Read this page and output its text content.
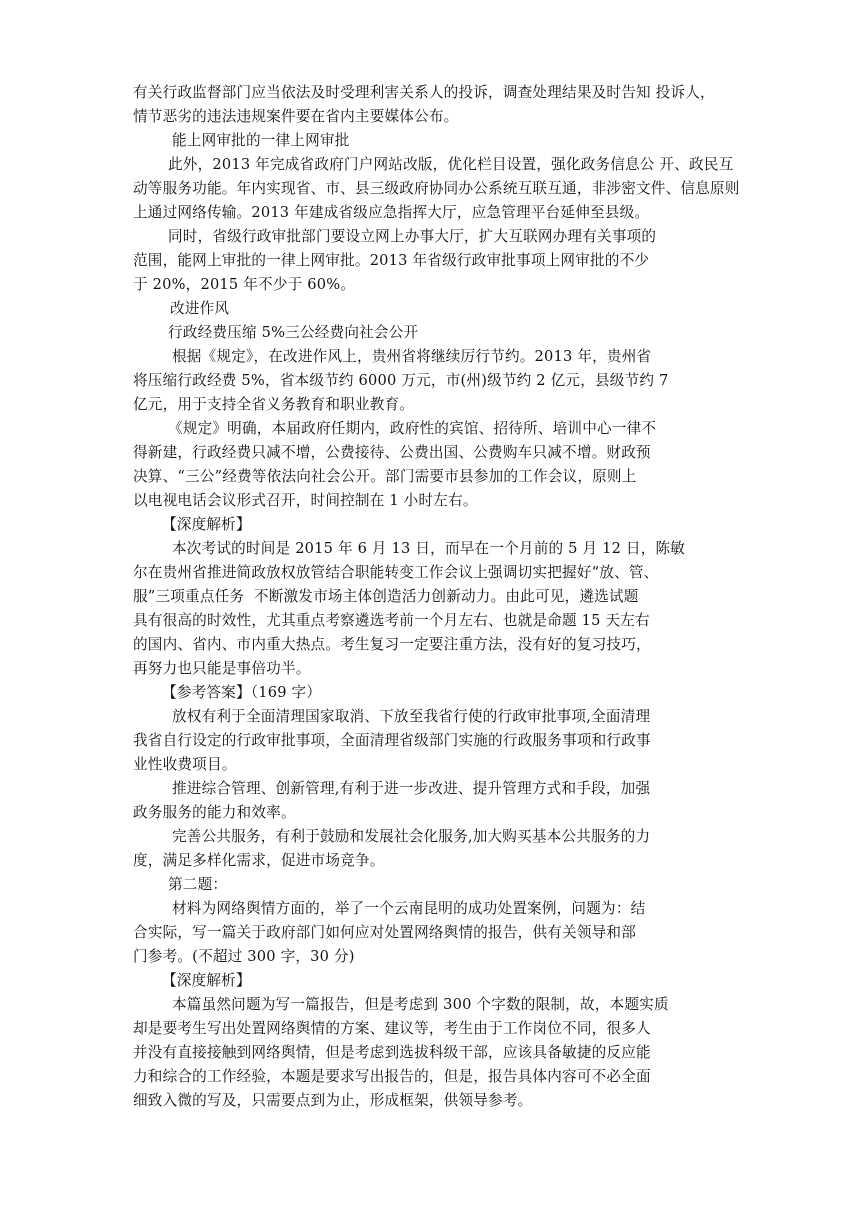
有关行政监督部门应当依法及时受理利害关系人的投诉，调查处理结果及时告知 投诉人，
情节恶劣的违法违规案件要在省内主要媒体公布。
能上网审批的一律上网审批
此外，2013 年完成省政府门户网站改版，优化栏目设置，强化政务信息公 开、政民互
动等服务功能。年内实现省、市、县三级政府协同办公系统互联互通，非涉密文件、信息原则
上通过网络传输。2013 年建成省级应急指挥大厅，应急管理平台延伸至县级。
同时，省级行政审批部门要设立网上办事大厅，扩大互联网办理有关事项的
范围，能网上审批的一律上网审批。2013 年省级行政审批事项上网审批的不少
于 20%，2015 年不少于 60%。
改进作风
行政经费压缩 5%三公经费向社会公开
根据《规定》，在改进作风上，贵州省将继续厉行节约。2013 年，贵州省
将压缩行政经费 5%，省本级节约 6000 万元，市(州)级节约 2 亿元，县级节约 7
亿元，用于支持全省义务教育和职业教育。
《规定》明确，本届政府任期内，政府性的宾馆、招待所、培训中心一律不
得新建，行政经费只减不增，公费接待、公费出国、公费购车只减不增。财政预
决算、“三公”经费等依法向社会公开。部门需要市县参加的工作会议，原则上
以电视电话会议形式召开，时间控制在 1 小时左右。
【深度解析】
本次考试的时间是 2015 年 6 月 13 日，而早在一个月前的 5 月 12 日，陈敏
尔在贵州省推进简政放权放管结合职能转变工作会议上强调切实把握好“放、管、
服”三项重点任务  不断激发市场主体创造活力创新动力。由此可见，遴选试题
具有很高的时效性，尤其重点考察遴选考前一个月左右、也就是命题 15 天左右
的国内、省内、市内重大热点。考生复习一定要注重方法，没有好的复习技巧，
再努力也只能是事倍功半。
【参考答案】（169 字）
放权有利于全面清理国家取消、下放至我省行使的行政审批事项,全面清理
我省自行设定的行政审批事项，全面清理省级部门实施的行政服务事项和行政事
业性收费项目。
推进综合管理、创新管理,有利于进一步改进、提升管理方式和手段，加强
政务服务的能力和效率。
完善公共服务，有利于鼓励和发展社会化服务,加大购买基本公共服务的力
度，满足多样化需求，促进市场竞争。
第二题：
材料为网络舆情方面的，举了一个云南昆明的成功处置案例，问题为：结
合实际，写一篇关于政府部门如何应对处置网络舆情的报告，供有关领导和部
门参考。(不超过 300 字，30 分)
【深度解析】
本篇虽然问题为写一篇报告，但是考虑到 300 个字数的限制，故，本题实质
却是要考生写出处置网络舆情的方案、建议等，考生由于工作岗位不同，很多人
并没有直接接触到网络舆情，但是考虑到选拔科级干部，应该具备敏捷的反应能
力和综合的工作经验，本题是要求写出报告的，但是，报告具体内容可不必全面
细致入微的写及，只需要点到为止，形成框架，供领导参考。
